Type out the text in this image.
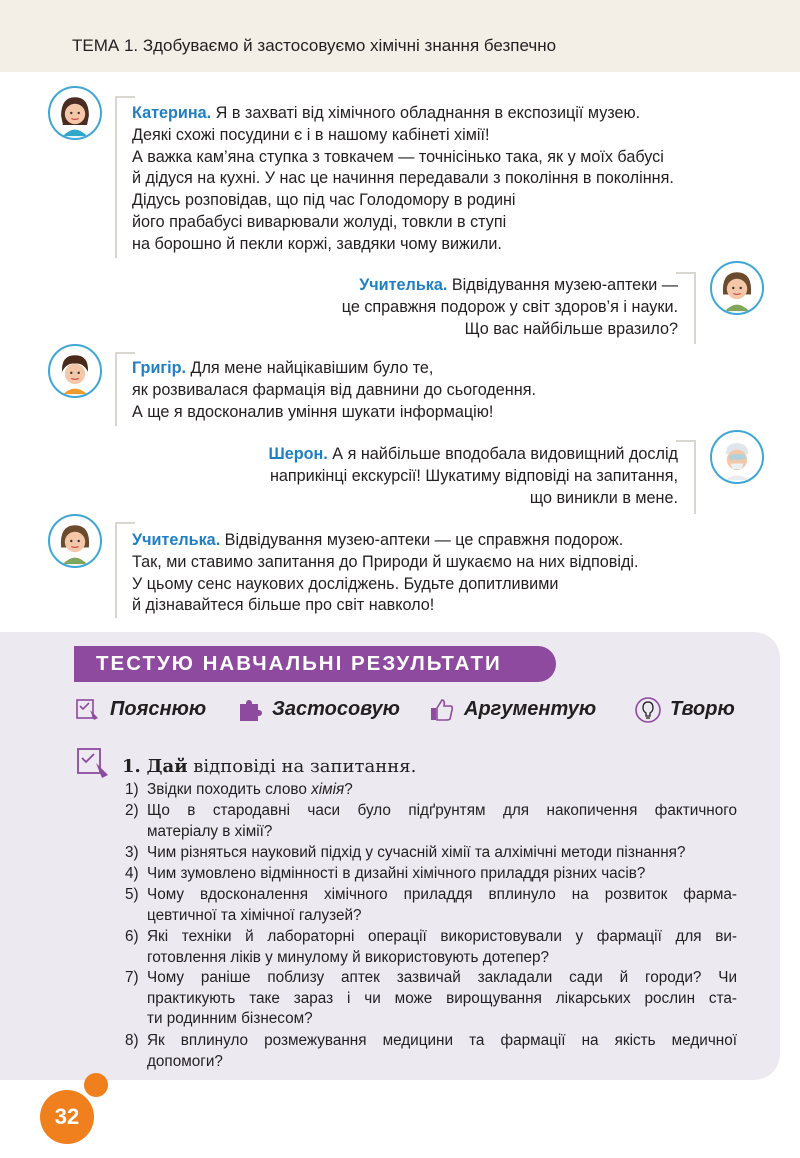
ТЕМА 1. Здобуваємо й застосовуємо хімічні знання безпечно
Катерина. Я в захваті від хімічного обладнання в експозиції музею.
Деякі схожі посудини є і в нашому кабінеті хімії!
А важка кам’яна ступка з товкачем — точнісінько така, як у моїх бабусі
й дідуся на кухні. У нас це начиння передавали з покоління в покоління.
Дідусь розповідав, що під час Голодомору в родині
його прабабусі виварювали жолуді, товкли в ступі
на борошно й пекли коржі, завдяки чому вижили.
Учителька. Відвідування музею-аптеки —
це справжня подорож у світ здоров’я і науки.
Що вас найбільше вразило?
Григір. Для мене найцікавішим було те,
як розвивалася фармація від давнини до сьогодення.
А ще я вдосконалив уміння шукати інформацію!
Шерон. А я найбільше вподобала видовищний дослід
наприкінці екскурсії! Шукатиму відповіді на запитання,
що виникли в мене.
Учителька. Відвідування музею-аптеки — це справжня подорож.
Так, ми ставимо запитання до Природи й шукаємо на них відповіді.
У цьому сенс наукових досліджень. Будьте допитливими
й дізнавайтеся більше про світ навколо!
ТЕСТУЮ НАВЧАЛЬНІ РЕЗУЛЬТАТИ
Пояснюю	Застосовую	Аргументую	Творю
1. Дай відповіді на запитання.
1) Звідки походить слово хімія?
2) Що в стародавні часи було підґрунтям для накопичення фактичного
матеріалу в хімії?
3) Чим різняться науковий підхід у сучасній хімії та алхімічні методи пізнання?
4) Чим зумовлено відмінності в дизайні хімічного приладдя різних часів?
5) Чому вдосконалення хімічного приладдя вплинуло на розвиток фарма-
цевтичної та хімічної галузей?
6) Які техніки й лабораторні операції використовували у фармації для ви-
готовлення ліків у минулому й використовують дотепер?
7) Чому раніше поблизу аптек зазвичай закладали сади й городи? Чи
практикують таке зараз і чи може вирощування лікарських рослин ста-
ти родинним бізнесом?
8) Як вплинуло розмежування медицини та фармації на якість медичної
допомоги?
32
